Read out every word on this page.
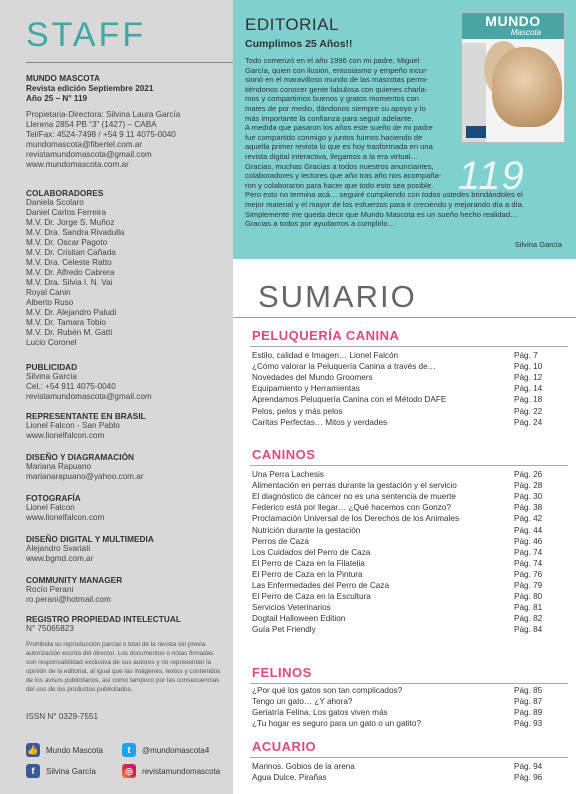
STAFF
MUNDO MASCOTA
Revista edición Septiembre 2021
Año 25 – N° 119
Propietaria-Directora: Silvina Laura García
Llerena 2854 PB “3” (1427) – CABA
Tel/Fax: 4524-7498 / +54 9 11 4075-0040
mundomascota@fibertel.com.ar
revistamundomascota@gmail.com
www.mundomascota.com.ar
COLABORADORES
Daniela Scolaro
Daniel Carlos Ferreira
M.V. Dr. Jorge S. Muñoz
M.V. Dra. Sandra Rivadulla
M.V. Dr. Oscar Pagoto
M.V. Dr. Cristian Cañada
M.V. Dra. Celeste Ratto
M.V. Dr. Alfredo Cabrera
M.V. Dra. Silvia I. N. Vai
Royal Canin
Alberto Ruso
M.V. Dr. Alejandro Paludi
M.V. Dr. Tamara Tobio
M.V. Dr. Rubén M. Gatti
Lucio Coronel
PUBLICIDAD
Silvina García
Cel.: +54 911 4075-0040
revistamundomascota@gmail.com
REPRESENTANTE EN BRASIL
Lionel Falcon - San Pablo
www.lionelfalcon.com
DISEÑO Y DIAGRAMACIÓN
Mariana Rapuano
marianarapuano@yahoo.com.ar
FOTOGRAFÍA
Lionel Falcon
www.lionelfalcon.com
DISEÑO DIGITAL Y MULTIMEDIA
Alejandro Svariati
www.bgmd.com.ar
COMMUNITY MANAGER
Rocío Perani
ro.perani@hotmail.com
REGISTRO PROPIEDAD INTELECTUAL
N° 75065823
Prohibida su reproducción parcial o total de la revista sin previa autorización escrita del director. Los documentos o notas firmadas son responsabilidad exclusiva de sus autores y no representan la opinión de la editorial, al igual que las imágenes, textos y contenidos de los avisos publicitarios, así como tampoco por las consecuencias del uso de los productos publicitados.
ISSN N° 0329-7551
👍 Mundo Mascota	t	@mundomascota4
f	Silvina García	◎	revistamundomascota
EDITORIAL
Cumplimos 25 Años!!
Todo comenzó en el año 1996 con mi padre, Miguel
García, quien con ilusión, entusiasmo y empeño incur-
sionó en el maravilloso mundo de las mascotas permi-
tiéndonos conocer gente fabulosa con quienes charla-
mos y compartimos buenos y gratos momentos con
mates de por medio, dándonos siempre su apoyo y lo
más importante la confianza para seguir adelante.
A medida que pasaron los años este sueño de mi padre
fue compartido conmigo y juntos fuimos haciendo de
aquella primer revista lo que es hoy trasformada en una
revista digital interactiva, llegamos a la era virtual…
Gracias, muchas Gracias a todos nuestros anunciantes,
colaboradores y lectores que año tras año nos acompaña-
ron y colaboraron para hacer que todo esto sea posible.
Pero esto no termina acá… seguiré cumpliendo con todos ustedes brindándoles el
mejor material y el mayor de los esfuerzos para ir creciendo y mejorando día a día.
Simplemente me queda decir que Mundo Mascota es un sueño hecho realidad…
Gracias a todos por ayudarnos a cumplirlo…
Silvina García
MUNDO
Mascota
119
SUMARIO
PELUQUERÍA CANINA
Estilo, calidad e Imagen… Lionel Falcón	Pág. 7
¿Cómo valorar la Peluquería Canina a través de…	Pág. 10
Novedades del Mundo Groomers	Pág. 12
Equipamiento y Herramientas	Pág. 14
Aprendamos Peluquería Canina con el Método DAFE	Pág. 18
Pelos, pelos y más pelos	Pág. 22
Caritas Perfectas… Mitos y verdades	Pág. 24
CANINOS
Una Perra Lachesis	Pág. 26
Alimentación en perras durante la gestación y el servicio	Pág. 28
El diagnóstico de cáncer no es una sentencia de muerte	Pág. 30
Federico está por llegar… ¿Qué hacemos con Gonzo?	Pág. 38
Proclamación Universal de los Derechos de los Animales	Pág. 42
Nutrición durante la gestación	Pág. 44
Perros de Caza	Pág. 46
Los Cuidados del Perro de Caza	Pág. 74
El Perro de Caza en la Filatelia	Pág. 74
El Perro de Caza en la Pintura	Pág. 76
Las Enfermedades del Perro de Caza	Pág. 79
El Perro de Caza en la Escultura	Pág. 80
Servicios Veterinarios	Pág. 81
Dogtail Halloween Edition	Pág. 82
Guía Pet Friendly	Pág. 84
FELINOS
¿Por qué los gatos son tan complicados?	Pág. 85
Tengo un gato… ¿Y ahora?	Pág. 87
Geriatría Felina. Los gatos viven más	Pág. 89
¿Tu hogar es seguro para un gato o un gatito?	Pág. 93
ACUARIO
Marinos. Gobios de la arena	Pág. 94
Agua Dulce. Pirañas	Pág. 96
